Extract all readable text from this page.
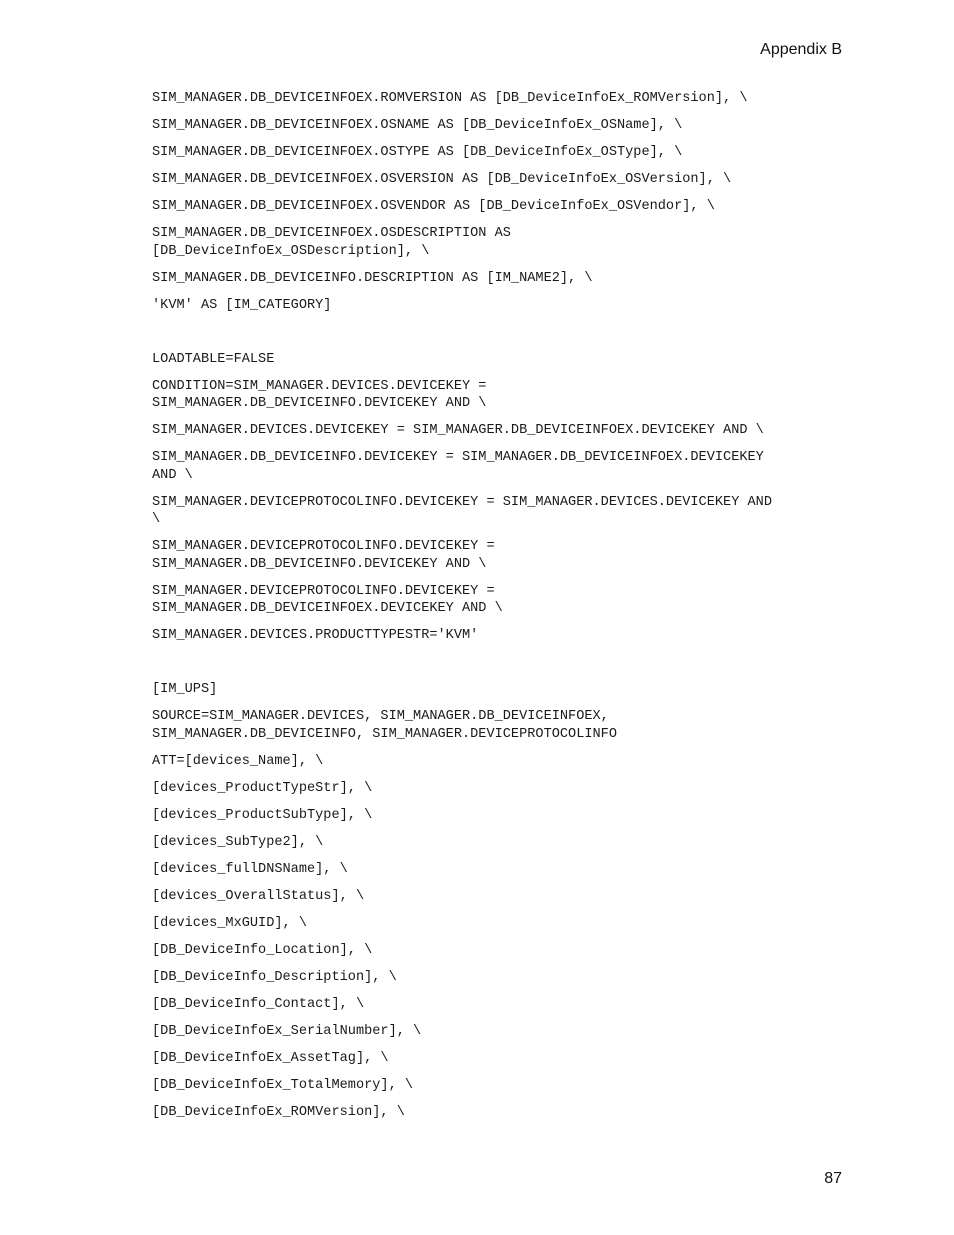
Appendix B
SIM_MANAGER.DB_DEVICEINFOEX.ROMVERSION AS [DB_DeviceInfoEx_ROMVersion], \
SIM_MANAGER.DB_DEVICEINFOEX.OSNAME AS [DB_DeviceInfoEx_OSName], \
SIM_MANAGER.DB_DEVICEINFOEX.OSTYPE AS [DB_DeviceInfoEx_OSType], \
SIM_MANAGER.DB_DEVICEINFOEX.OSVERSION AS [DB_DeviceInfoEx_OSVersion], \
SIM_MANAGER.DB_DEVICEINFOEX.OSVENDOR AS [DB_DeviceInfoEx_OSVendor], \
SIM_MANAGER.DB_DEVICEINFOEX.OSDESCRIPTION AS
[DB_DeviceInfoEx_OSDescription], \
SIM_MANAGER.DB_DEVICEINFO.DESCRIPTION AS [IM_NAME2], \
'KVM' AS [IM_CATEGORY]
LOADTABLE=FALSE
CONDITION=SIM_MANAGER.DEVICES.DEVICEKEY =
SIM_MANAGER.DB_DEVICEINFO.DEVICEKEY AND \
SIM_MANAGER.DEVICES.DEVICEKEY = SIM_MANAGER.DB_DEVICEINFOEX.DEVICEKEY AND \
SIM_MANAGER.DB_DEVICEINFO.DEVICEKEY = SIM_MANAGER.DB_DEVICEINFOEX.DEVICEKEY
AND \
SIM_MANAGER.DEVICEPROTOCOLINFO.DEVICEKEY = SIM_MANAGER.DEVICES.DEVICEKEY AND
\
SIM_MANAGER.DEVICEPROTOCOLINFO.DEVICEKEY =
SIM_MANAGER.DB_DEVICEINFO.DEVICEKEY AND \
SIM_MANAGER.DEVICEPROTOCOLINFO.DEVICEKEY =
SIM_MANAGER.DB_DEVICEINFOEX.DEVICEKEY AND \
SIM_MANAGER.DEVICES.PRODUCTTYPESTR='KVM'
[IM_UPS]
SOURCE=SIM_MANAGER.DEVICES, SIM_MANAGER.DB_DEVICEINFOEX,
SIM_MANAGER.DB_DEVICEINFO, SIM_MANAGER.DEVICEPROTOCOLINFO
ATT=[devices_Name], \
[devices_ProductTypeStr], \
[devices_ProductSubType], \
[devices_SubType2], \
[devices_fullDNSName], \
[devices_OverallStatus], \
[devices_MxGUID], \
[DB_DeviceInfo_Location], \
[DB_DeviceInfo_Description], \
[DB_DeviceInfo_Contact], \
[DB_DeviceInfoEx_SerialNumber], \
[DB_DeviceInfoEx_AssetTag], \
[DB_DeviceInfoEx_TotalMemory], \
[DB_DeviceInfoEx_ROMVersion], \
87
